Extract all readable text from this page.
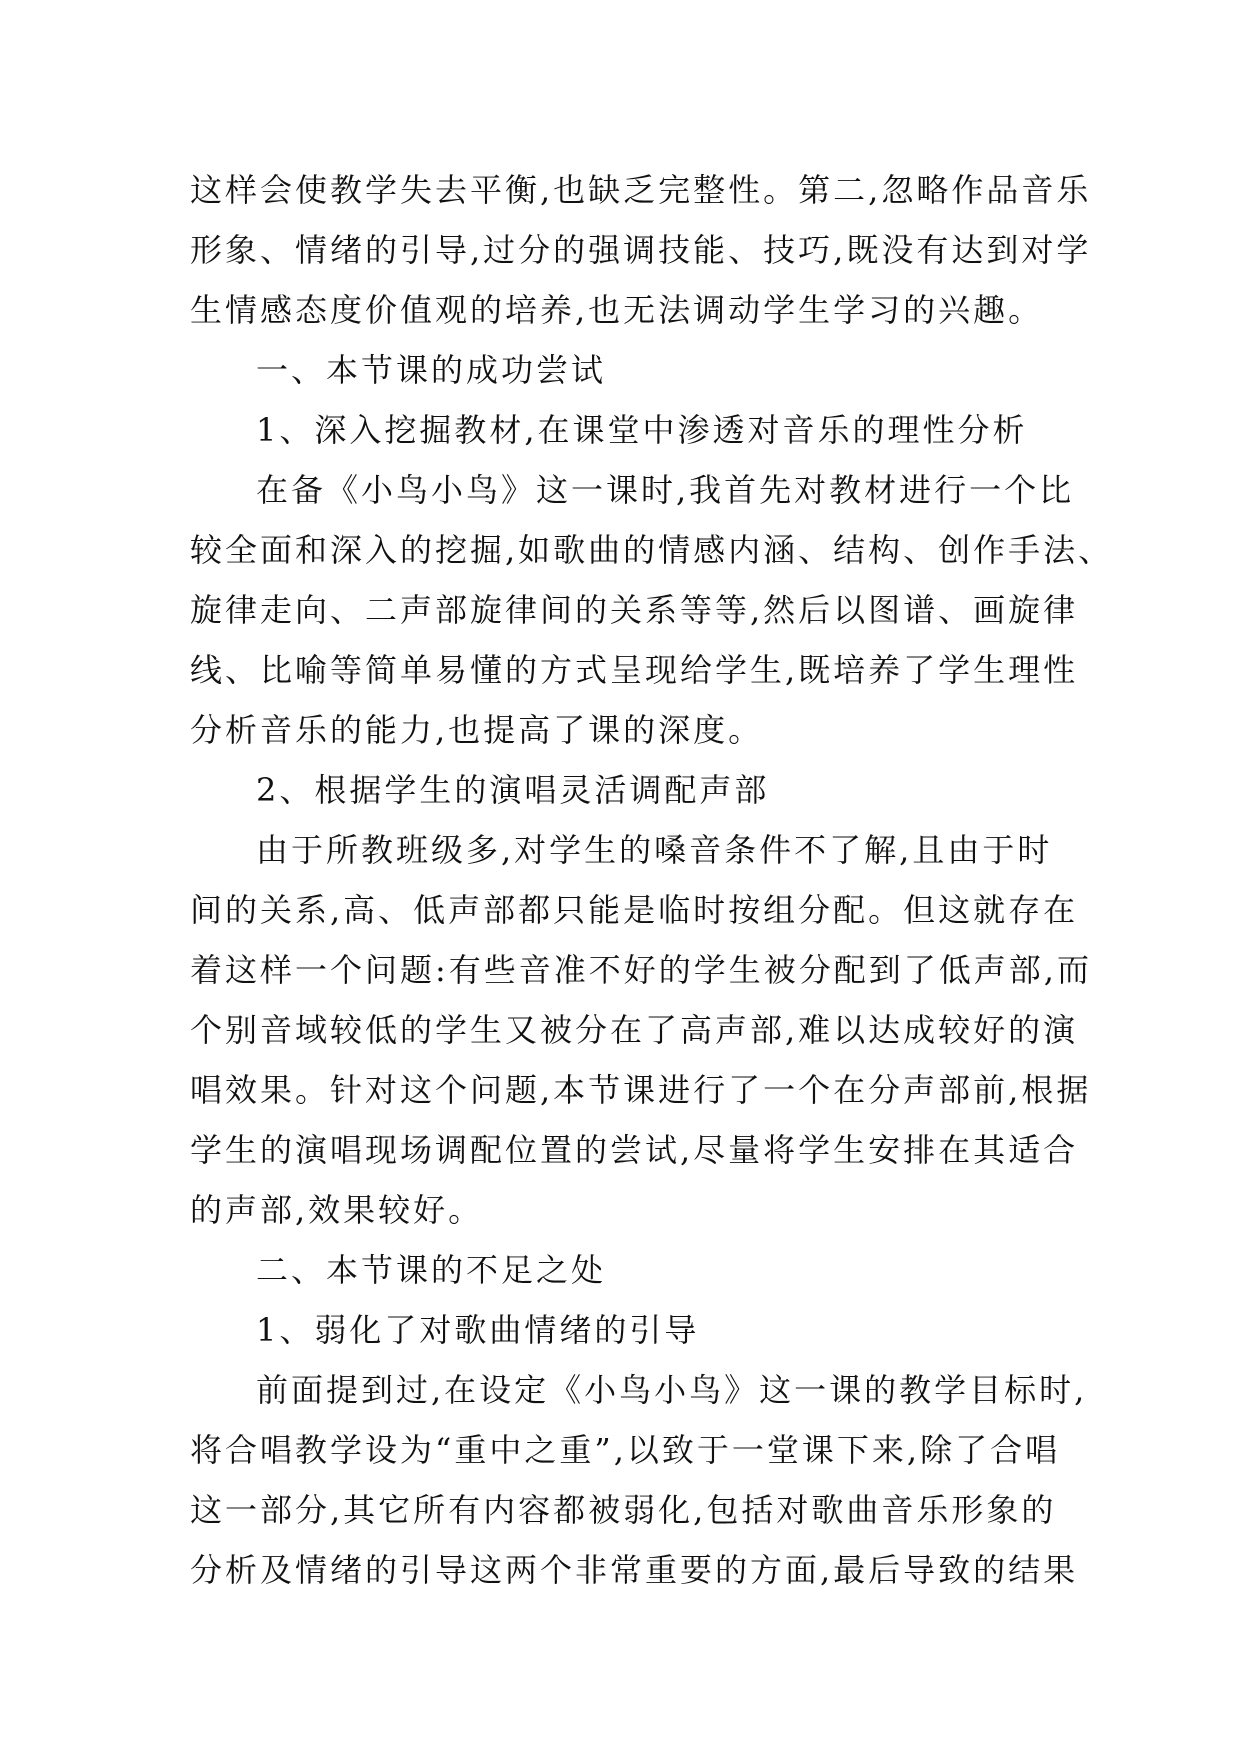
这样会使教学失去平衡,也缺乏完整性。第二,忽略作品音乐
形象、情绪的引导,过分的强调技能、技巧,既没有达到对学
生情感态度价值观的培养,也无法调动学生学习的兴趣。
一、本节课的成功尝试
1、深入挖掘教材,在课堂中渗透对音乐的理性分析
在备《小鸟小鸟》这一课时,我首先对教材进行一个比
较全面和深入的挖掘,如歌曲的情感内涵、结构、创作手法、
旋律走向、二声部旋律间的关系等等,然后以图谱、画旋律
线、比喻等简单易懂的方式呈现给学生,既培养了学生理性
分析音乐的能力,也提高了课的深度。
2、根据学生的演唱灵活调配声部
由于所教班级多,对学生的嗓音条件不了解,且由于时
间的关系,高、低声部都只能是临时按组分配。但这就存在
着这样一个问题:有些音准不好的学生被分配到了低声部,而
个别音域较低的学生又被分在了高声部,难以达成较好的演
唱效果。针对这个问题,本节课进行了一个在分声部前,根据
学生的演唱现场调配位置的尝试,尽量将学生安排在其适合
的声部,效果较好。
二、本节课的不足之处
1、弱化了对歌曲情绪的引导
前面提到过,在设定《小鸟小鸟》这一课的教学目标时,
将合唱教学设为“重中之重”,以致于一堂课下来,除了合唱
这一部分,其它所有内容都被弱化,包括对歌曲音乐形象的
分析及情绪的引导这两个非常重要的方面,最后导致的结果
